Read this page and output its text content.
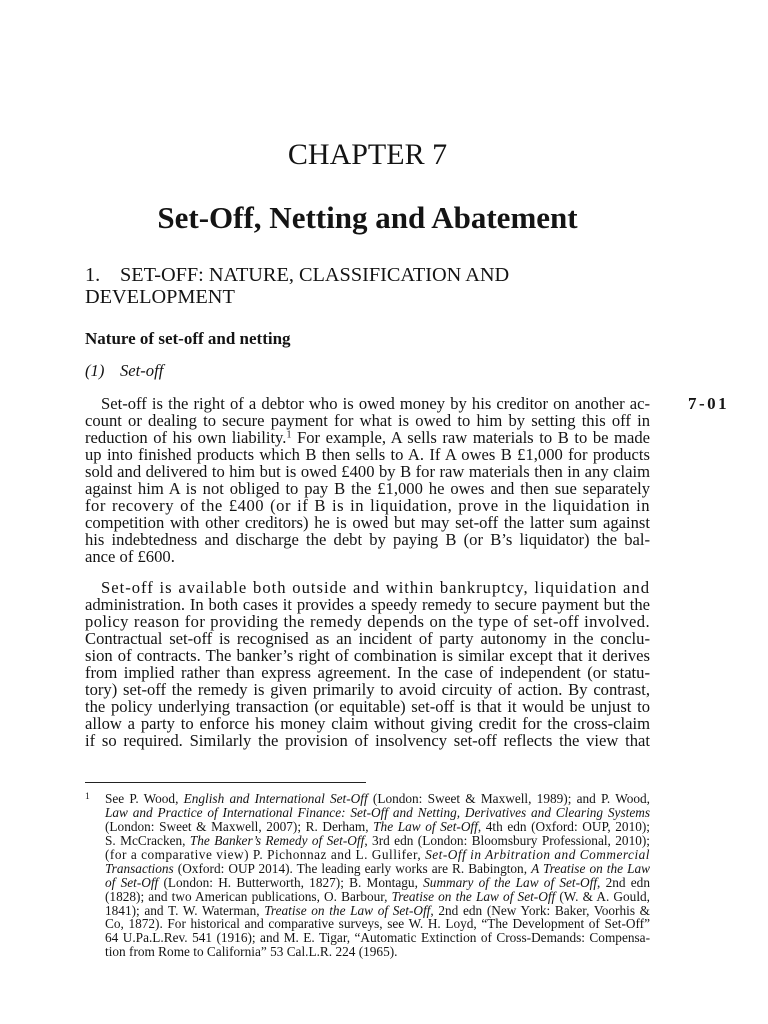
CHAPTER 7
Set-Off, Netting and Abatement
1. SET-OFF: NATURE, CLASSIFICATION AND DEVELOPMENT
Nature of set-off and netting
(1) Set-off
Set-off is the right of a debtor who is owed money by his creditor on another ac-
count or dealing to secure payment for what is owed to him by setting this off in
reduction of his own liability.$^1$ For example, A sells raw materials to B to be made
up into finished products which B then sells to A. If A owes B £1,000 for products
sold and delivered to him but is owed £400 by B for raw materials then in any claim
against him A is not obliged to pay B the £1,000 he owes and then sue separately
for recovery of the £400 (or if B is in liquidation, prove in the liquidation in
competition with other creditors) he is owed but may set-off the latter sum against
his indebtedness and discharge the debt by paying B (or B’s liquidator) the bal-
ance of £600.
7-01
Set-off is available both outside and within bankruptcy, liquidation and
administration. In both cases it provides a speedy remedy to secure payment but the
policy reason for providing the remedy depends on the type of set-off involved.
Contractual set-off is recognised as an incident of party autonomy in the conclu-
sion of contracts. The banker’s right of combination is similar except that it derives
from implied rather than express agreement. In the case of independent (or statu-
tory) set-off the remedy is given primarily to avoid circuity of action. By contrast,
the policy underlying transaction (or equitable) set-off is that it would be unjust to
allow a party to enforce his money claim without giving credit for the cross-claim
if so required. Similarly the provision of insolvency set-off reflects the view that
1 See P. Wood, English and International Set-Off (London: Sweet & Maxwell, 1989); and P. Wood,
Law and Practice of International Finance: Set-Off and Netting, Derivatives and Clearing Systems
(London: Sweet & Maxwell, 2007); R. Derham, The Law of Set-Off, 4th edn (Oxford: OUP, 2010);
S. McCracken, The Banker’s Remedy of Set-Off, 3rd edn (London: Bloomsbury Professional, 2010);
(for a comparative view) P. Pichonnaz and L. Gullifer, Set-Off in Arbitration and Commercial
Transactions (Oxford: OUP 2014). The leading early works are R. Babington, A Treatise on the Law
of Set-Off (London: H. Butterworth, 1827); B. Montagu, Summary of the Law of Set-Off, 2nd edn
(1828); and two American publications, O. Barbour, Treatise on the Law of Set-Off (W. & A. Gould,
1841); and T. W. Waterman, Treatise on the Law of Set-Off, 2nd edn (New York: Baker, Voorhis &
Co, 1872). For historical and comparative surveys, see W. H. Loyd, “The Development of Set-Off”
64 U.Pa.L.Rev. 541 (1916); and M. E. Tigar, “Automatic Extinction of Cross-Demands: Compensa-
tion from Rome to California” 53 Cal.L.R. 224 (1965).
